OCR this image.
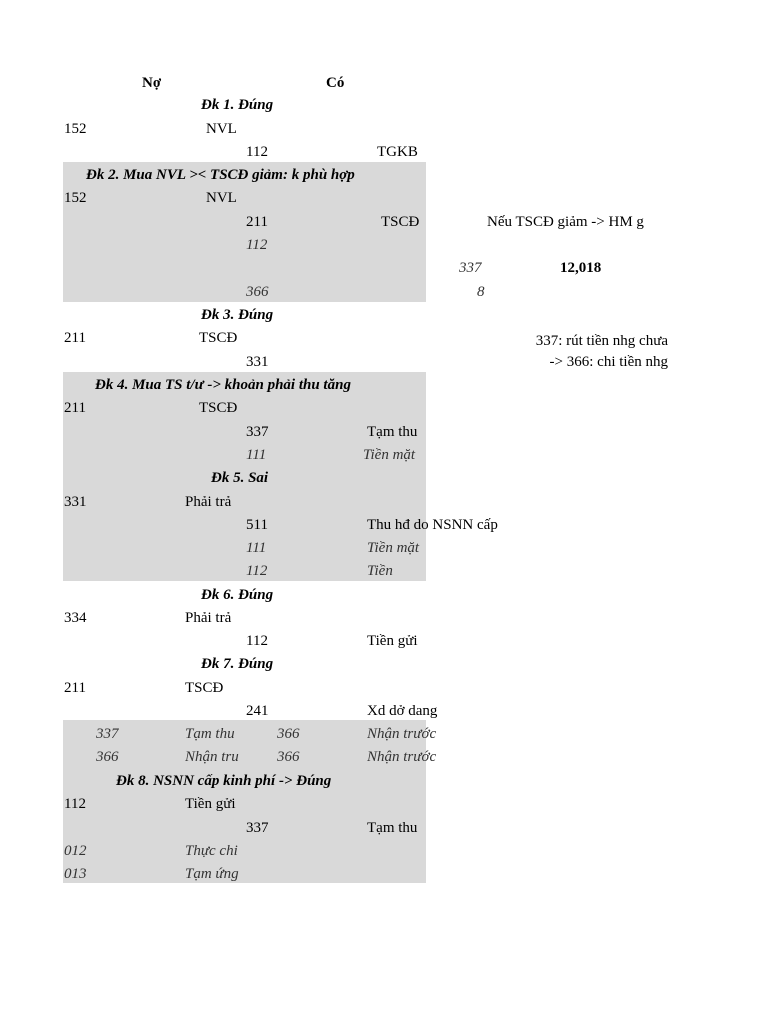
Nợ	Có
Đk 1. Đúng
152	NVL
112	TGKB
Đk 2. Mua NVL >< TSCĐ giảm: k phù hợp
152	NVL
211	TSCĐ	Nếu TSCĐ giảm -> HM g
112
337	12,018
366	8
Đk 3. Đúng
211	TSCĐ	337: rút tiền nhg chưa
331	-> 366: chi tiền nhg
Đk 4. Mua TS t/ư -> khoản phải thu tăng
211	TSCĐ
337	Tạm thu
111	Tiền mặt
Đk 5. Sai
331	Phải trả
511	Thu hđ do NSNN cấp
111	Tiền mặt
112	Tiền
Đk 6. Đúng
334	Phải trả
112	Tiền gửi
Đk 7. Đúng
211	TSCĐ
241	Xd dở dang
337	Tạm thu	366	Nhận trước
366	Nhận tru	366	Nhận trước
Đk 8. NSNN cấp kinh phí -> Đúng
112	Tiền gửi
337	Tạm thu
012	Thực chi
013	Tạm ứng
